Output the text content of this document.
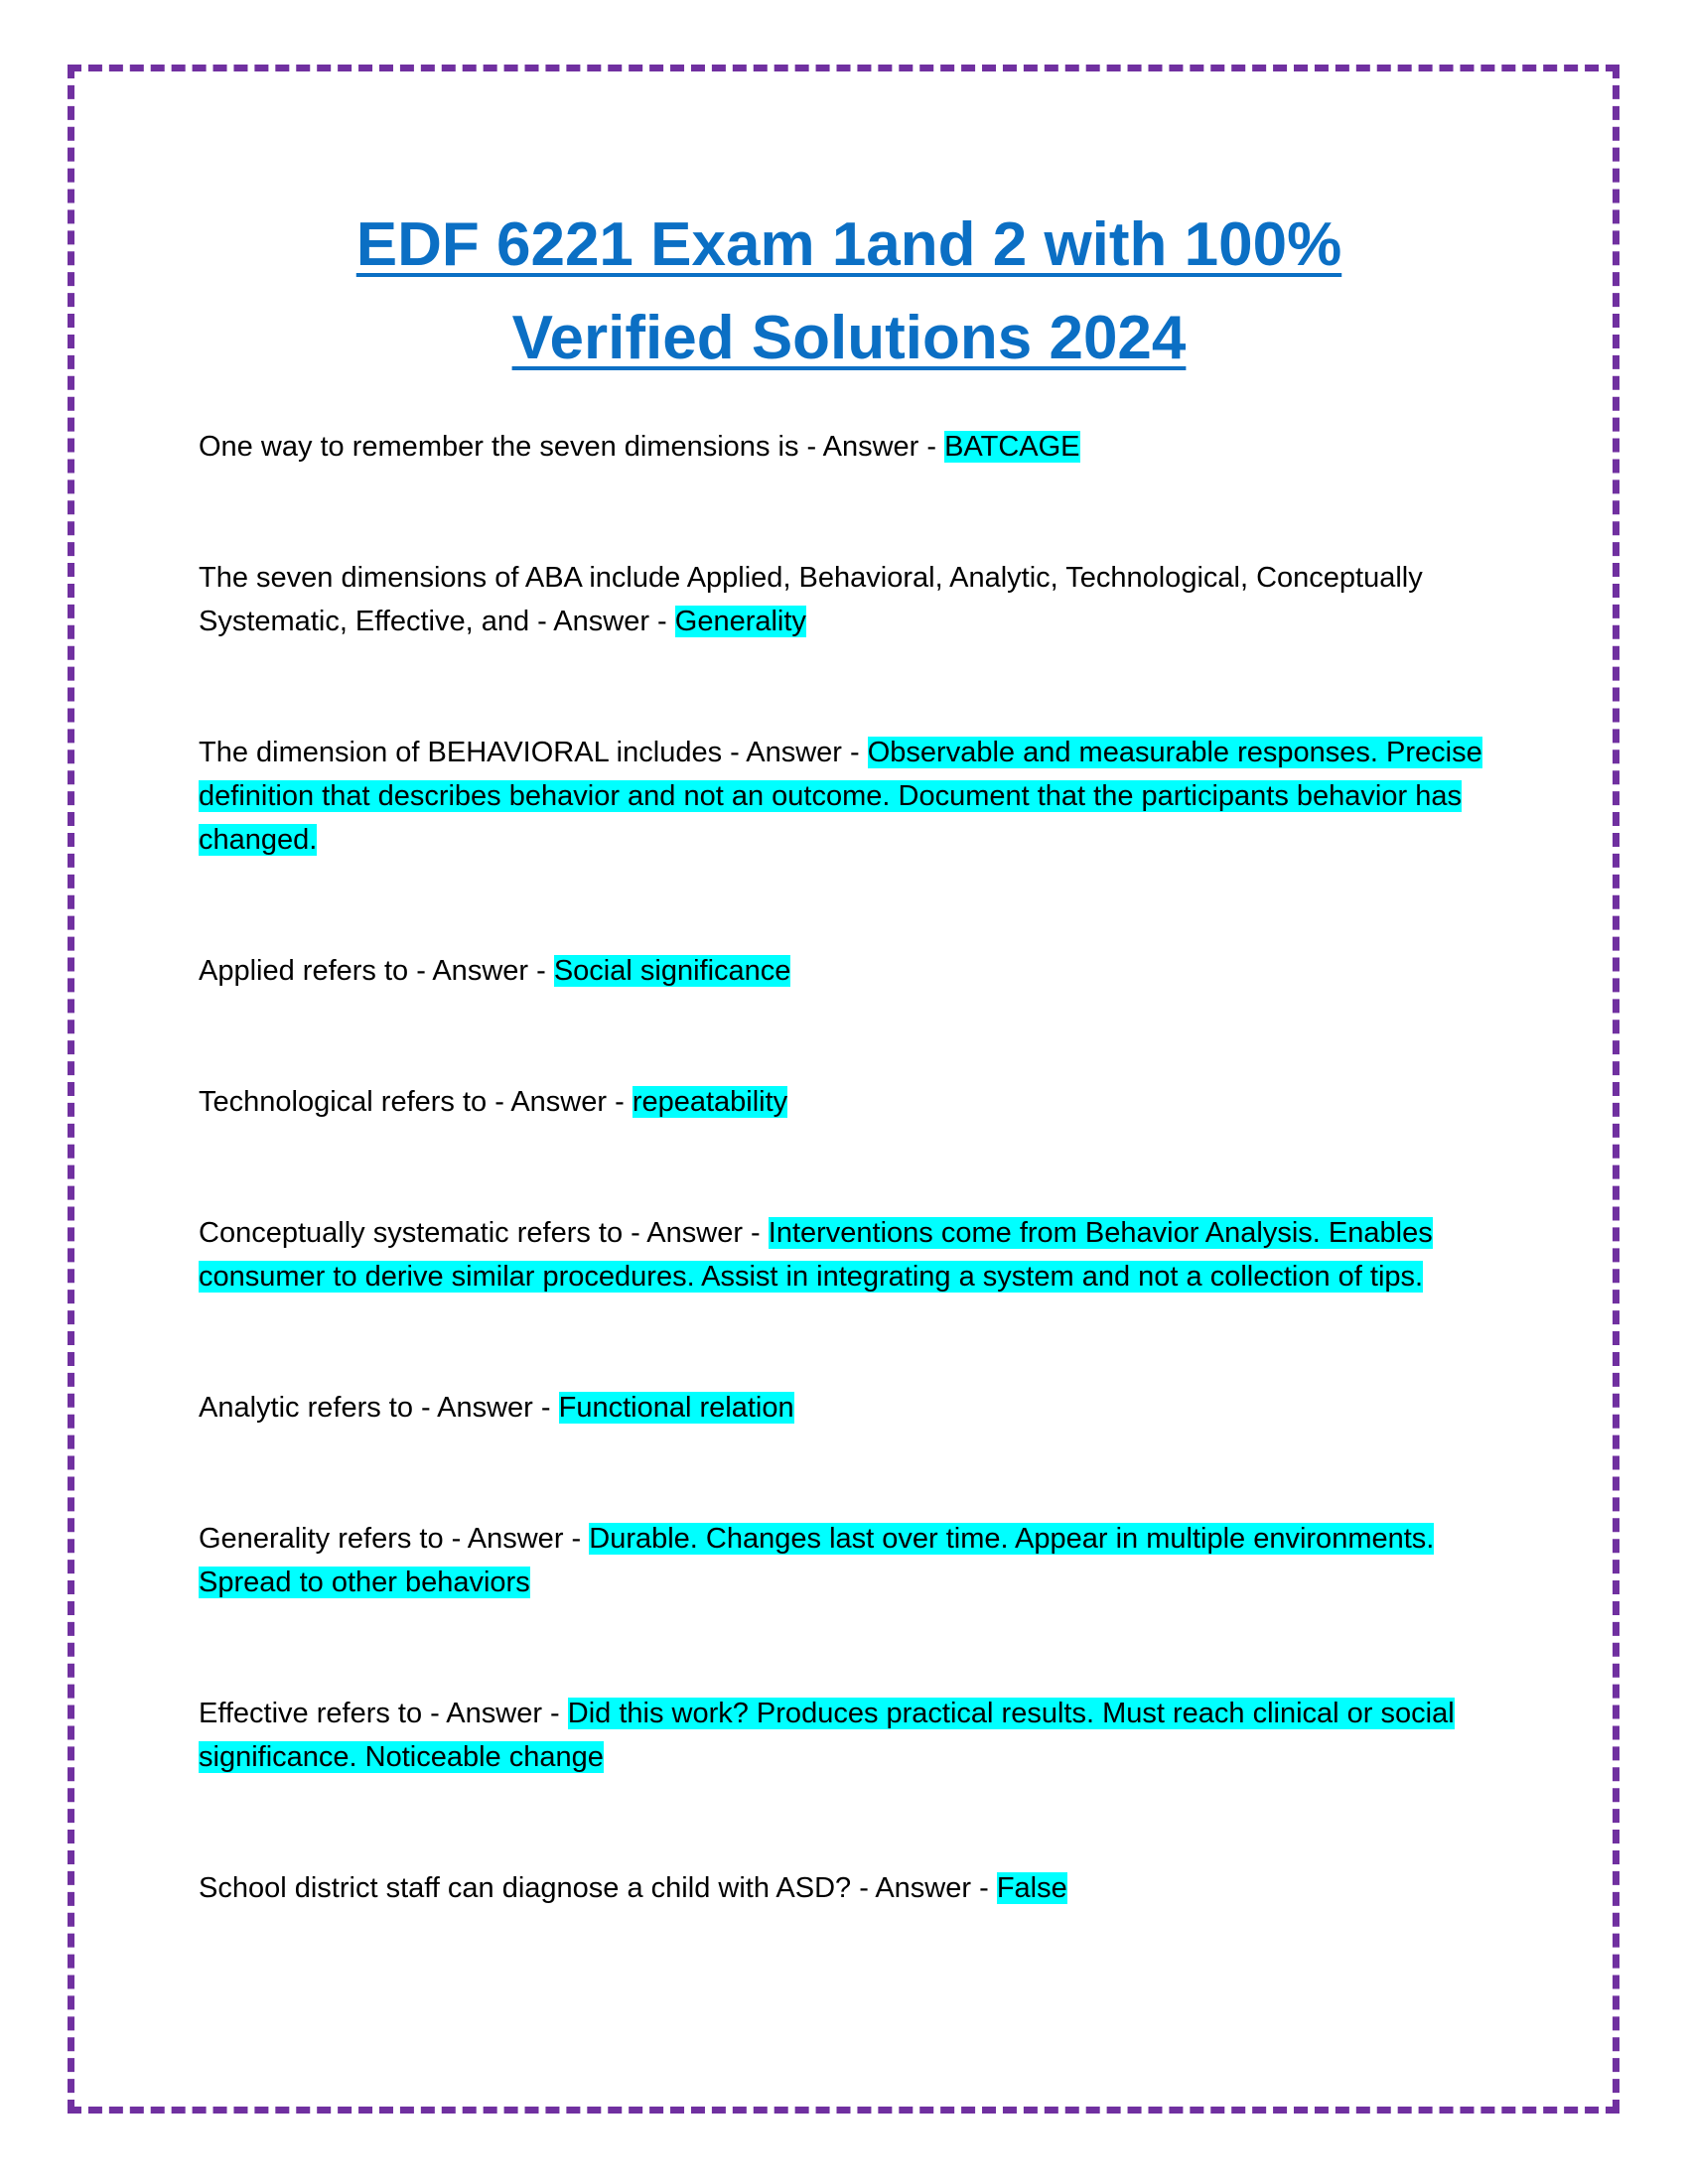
EDF 6221 Exam 1and 2 with 100%
Verified Solutions 2024

One way to remember the seven dimensions is - Answer - BATCAGE

The seven dimensions of ABA include Applied, Behavioral, Analytic, Technological, Conceptually Systematic, Effective, and - Answer - Generality

The dimension of BEHAVIORAL includes - Answer - Observable and measurable responses. Precise definition that describes behavior and not an outcome. Document that the participants behavior has changed.

Applied refers to - Answer - Social significance

Technological refers to - Answer - repeatability

Conceptually systematic refers to - Answer - Interventions come from Behavior Analysis. Enables consumer to derive similar procedures. Assist in integrating a system and not a collection of tips.

Analytic refers to - Answer - Functional relation

Generality refers to - Answer - Durable. Changes last over time. Appear in multiple environments. Spread to other behaviors

Effective refers to - Answer - Did this work? Produces practical results. Must reach clinical or social significance. Noticeable change

School district staff can diagnose a child with ASD? - Answer - False
